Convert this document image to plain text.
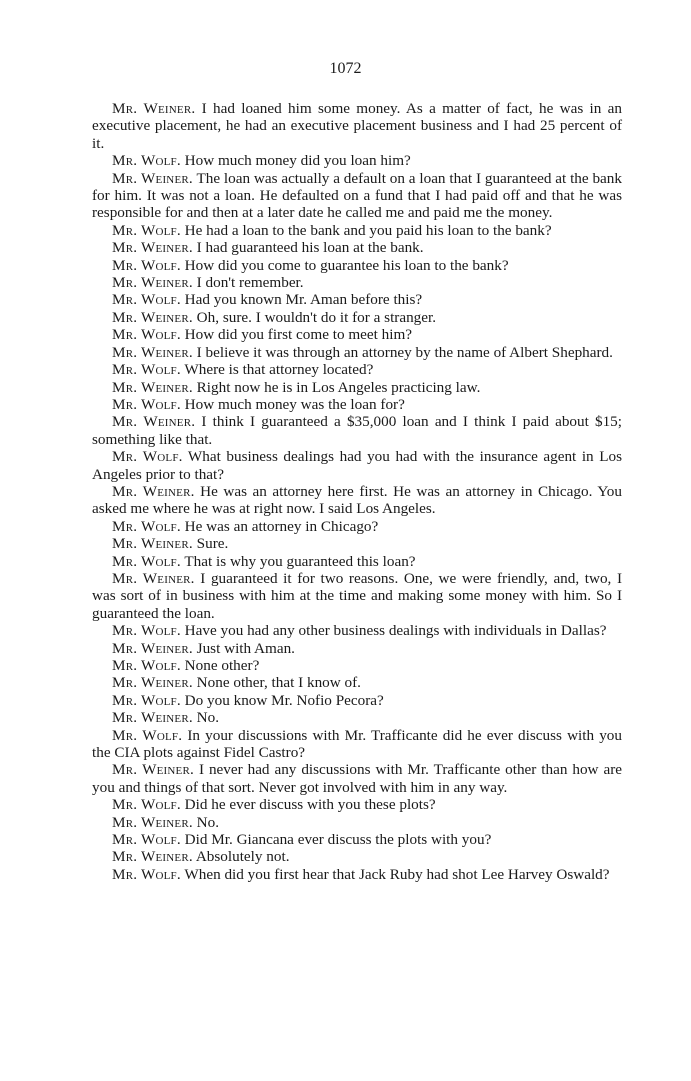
1072

Mr. Weiner. I had loaned him some money. As a matter of fact, he was in an executive placement, he had an executive placement business and I had 25 percent of it.

Mr. Wolf. How much money did you loan him?

Mr. Weiner. The loan was actually a default on a loan that I guaranteed at the bank for him. It was not a loan. He defaulted on a fund that I had paid off and that he was responsible for and then at a later date he called me and paid me the money.

Mr. Wolf. He had a loan to the bank and you paid his loan to the bank?

Mr. Weiner. I had guaranteed his loan at the bank.

Mr. Wolf. How did you come to guarantee his loan to the bank?

Mr. Weiner. I don't remember.

Mr. Wolf. Had you known Mr. Aman before this?

Mr. Weiner. Oh, sure. I wouldn't do it for a stranger.

Mr. Wolf. How did you first come to meet him?

Mr. Weiner. I believe it was through an attorney by the name of Albert Shephard.

Mr. Wolf. Where is that attorney located?

Mr. Weiner. Right now he is in Los Angeles practicing law.

Mr. Wolf. How much money was the loan for?

Mr. Weiner. I think I guaranteed a $35,000 loan and I think I paid about $15; something like that.

Mr. Wolf. What business dealings had you had with the insurance agent in Los Angeles prior to that?

Mr. Weiner. He was an attorney here first. He was an attorney in Chicago. You asked me where he was at right now. I said Los Angeles.

Mr. Wolf. He was an attorney in Chicago?

Mr. Weiner. Sure.

Mr. Wolf. That is why you guaranteed this loan?

Mr. Weiner. I guaranteed it for two reasons. One, we were friendly, and, two, I was sort of in business with him at the time and making some money with him. So I guaranteed the loan.

Mr. Wolf. Have you had any other business dealings with individuals in Dallas?

Mr. Weiner. Just with Aman.

Mr. Wolf. None other?

Mr. Weiner. None other, that I know of.

Mr. Wolf. Do you know Mr. Nofio Pecora?

Mr. Weiner. No.

Mr. Wolf. In your discussions with Mr. Trafficante did he ever discuss with you the CIA plots against Fidel Castro?

Mr. Weiner. I never had any discussions with Mr. Trafficante other than how are you and things of that sort. Never got involved with him in any way.

Mr. Wolf. Did he ever discuss with you these plots?

Mr. Weiner. No.

Mr. Wolf. Did Mr. Giancana ever discuss the plots with you?

Mr. Weiner. Absolutely not.

Mr. Wolf. When did you first hear that Jack Ruby had shot Lee Harvey Oswald?
